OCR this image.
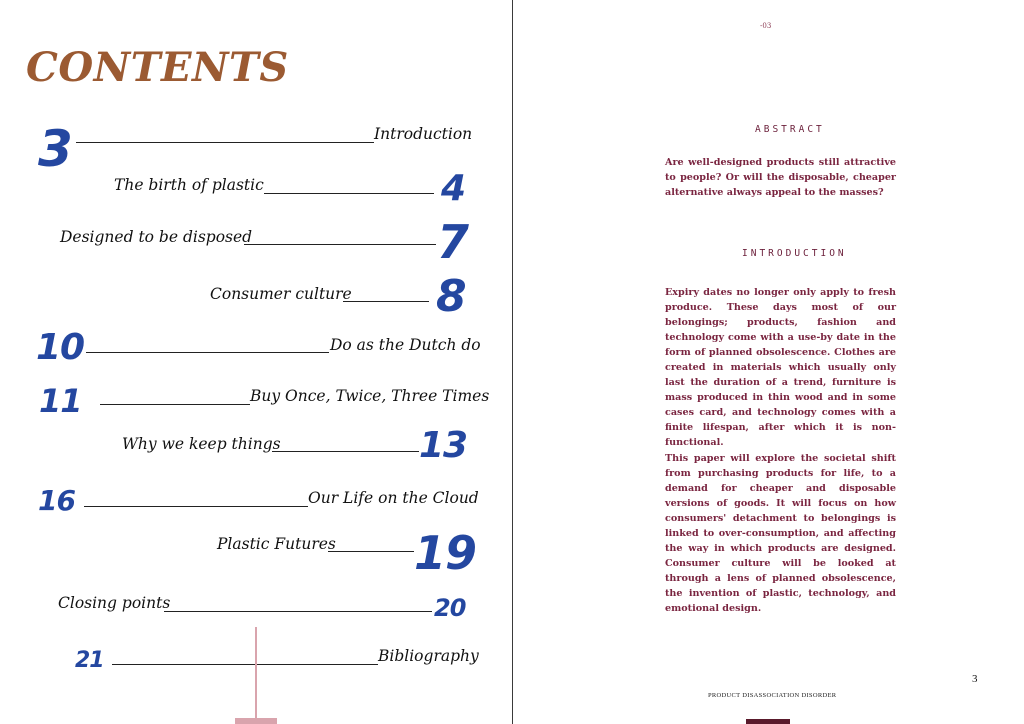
CONTENTS
3	Introduction
The birth of plastic	4
Designed to be disposed	7
Consumer culture 8
10	Do as the Dutch do
11	Buy Once, Twice, Three Times
Why we keep things	13
16	Our Life on the Cloud
Plastic Futures 19
Closing points	20
21	Bibliography
-03
ABSTRACT

Are well-designed products still attractive to people? Or will the disposable, cheaper alternative always appeal to the masses?

INTRODUCTION

Expiry dates no longer only apply to fresh produce. These days most of our belongings; products, fashion and technology come with a use-by date in the form of planned obsolescence. Clothes are created in materials which usually only last the duration of a trend, furniture is mass produced in thin wood and in some cases card, and technology comes with a finite lifespan, after which it is non-functional.

This paper will explore the societal shift from purchasing products for life, to a demand for cheaper and disposable versions of goods. It will focus on how consumers' detachment to belongings is linked to over-consumption, and affecting the way in which products are designed. Consumer culture will be looked at through a lens of planned obsolescence, the invention of plastic, technology, and emotional design.

3
PRODUCT DISASSOCIATION DISORDER
